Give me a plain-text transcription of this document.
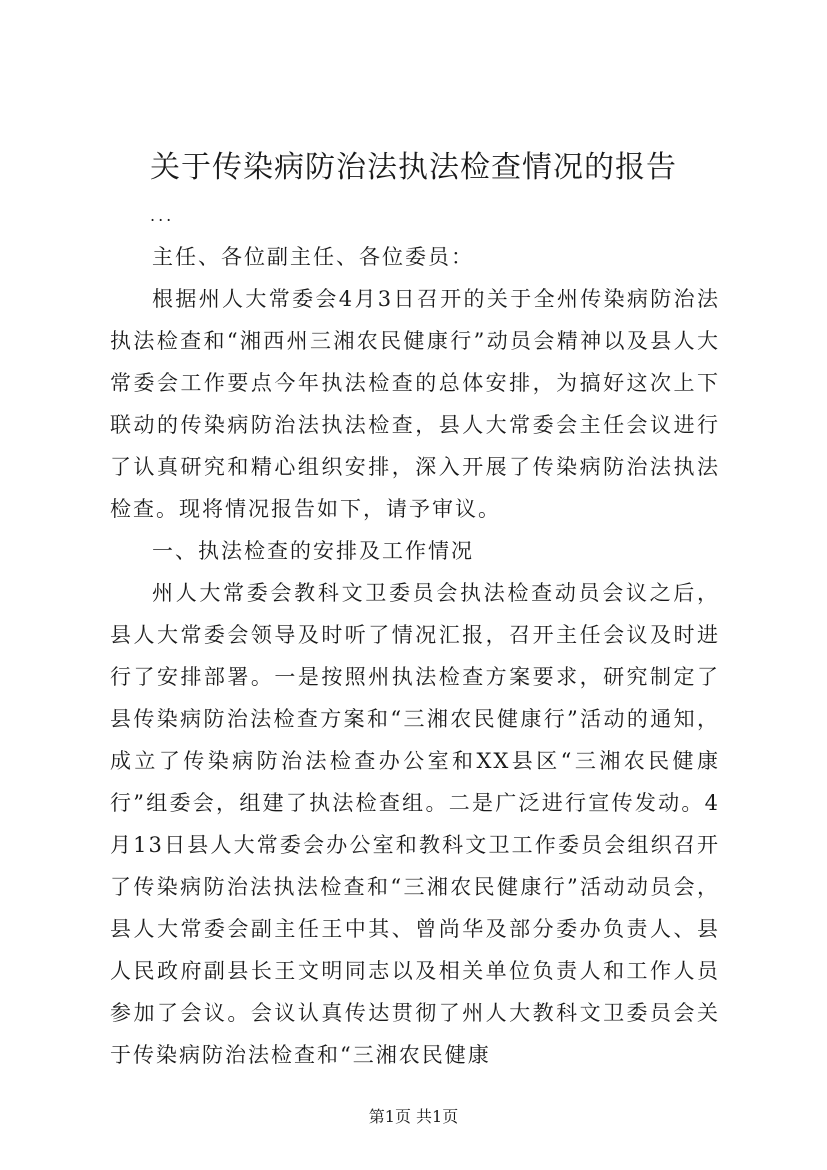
关于传染病防治法执法检查情况的报告
...

主任、各位副主任、各位委员：

根据州人大常委会4月3日召开的关于全州传染病防治法执法检查和“湘西州三湘农民健康行”动员会精神以及县人大常委会工作要点今年执法检查的总体安排，为搞好这次上下联动的传染病防治法执法检查，县人大常委会主任会议进行了认真研究和精心组织安排，深入开展了传染病防治法执法检查。现将情况报告如下，请予审议。

一、执法检查的安排及工作情况

州人大常委会教科文卫委员会执法检查动员会议之后，县人大常委会领导及时听了情况汇报，召开主任会议及时进行了安排部署。一是按照州执法检查方案要求，研究制定了县传染病防治法检查方案和“三湘农民健康行”活动的通知，成立了传染病防治法检查办公室和XX县区“三湘农民健康行”组委会，组建了执法检查组。二是广泛进行宣传发动。4月13日县人大常委会办公室和教科文卫工作委员会组织召开了传染病防治法执法检查和“三湘农民健康行”活动动员会，县人大常委会副主任王中其、曾尚华及部分委办负责人、县人民政府副县长王文明同志以及相关单位负责人和工作人员参加了会议。会议认真传达贯彻了州人大教科文卫委员会关于传染病防治法检查和“三湘农民健康

第1页 共1页
